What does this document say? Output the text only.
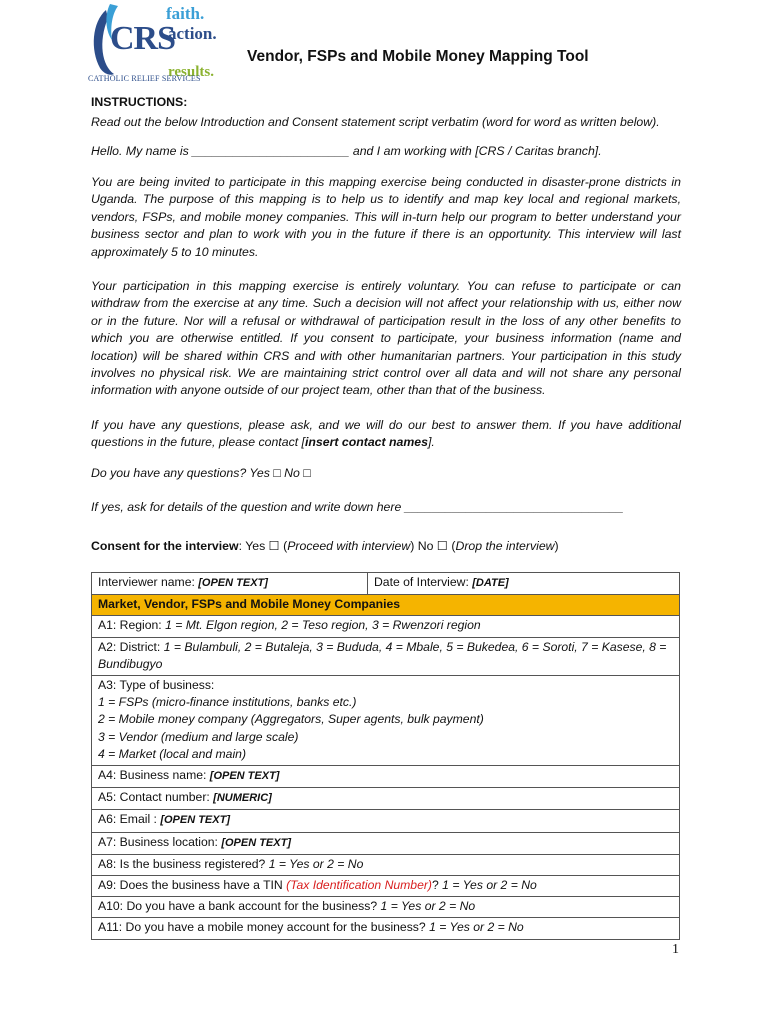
CRS
faith.
action.
results.
CATHOLIC RELIEF SERVICES
Vendor, FSPs and Mobile Money Mapping Tool
INSTRUCTIONS:
Read out the below Introduction and Consent statement script verbatim (word for word as written below).
Hello. My name is _______________________ and I am working with [CRS / Caritas branch].
You are being invited to participate in this mapping exercise being conducted in disaster-prone districts in Uganda. The purpose of this mapping is to help us to identify and map key local and regional markets, vendors, FSPs, and mobile money companies. This will in-turn help our program to better understand your business sector and plan to work with you in the future if there is an opportunity. This interview will last approximately 5 to 10 minutes.
Your participation in this mapping exercise is entirely voluntary. You can refuse to participate or can withdraw from the exercise at any time. Such a decision will not affect your relationship with us, either now or in the future. Nor will a refusal or withdrawal of participation result in the loss of any other benefits to which you are otherwise entitled. If you consent to participate, your business information (name and location) will be shared within CRS and with other humanitarian partners. Your participation in this study involves no physical risk. We are maintaining strict control over all data and will not share any personal information with anyone outside of our project team, other than that of the business.
If you have any questions, please ask, and we will do our best to answer them. If you have additional questions in the future, please contact [insert contact names].
Do you have any questions? Yes □ No □
If yes, ask for details of the question and write down here ________________________________
Consent for the interview: Yes ☐ (Proceed with interview) No ☐ (Drop the interview)
Interviewer name: [OPEN TEXT]	Date of Interview: [DATE]
Market, Vendor, FSPs and Mobile Money Companies
A1: Region: 1 = Mt. Elgon region, 2 = Teso region, 3 = Rwenzori region
A2: District: 1 = Bulambuli, 2 = Butaleja, 3 = Bududa, 4 = Mbale, 5 = Bukedea, 6 = Soroti, 7 = Kasese, 8 = Bundibugyo

A3: Type of business:
1 = FSPs (micro-finance institutions, banks etc.)
2 = Mobile money company (Aggregators, Super agents, bulk payment)
3 = Vendor (medium and large scale)
4 = Market (local and main)

A4: Business name: [OPEN TEXT]
A5: Contact number: [NUMERIC]
A6: Email : [OPEN TEXT]
A7: Business location: [OPEN TEXT]
A8: Is the business registered? 1 = Yes or 2 = No
A9: Does the business have a TIN (Tax Identification Number)? 1 = Yes or 2 = No
A10: Do you have a bank account for the business? 1 = Yes or 2 = No
A11: Do you have a mobile money account for the business? 1 = Yes or 2 = No
1
